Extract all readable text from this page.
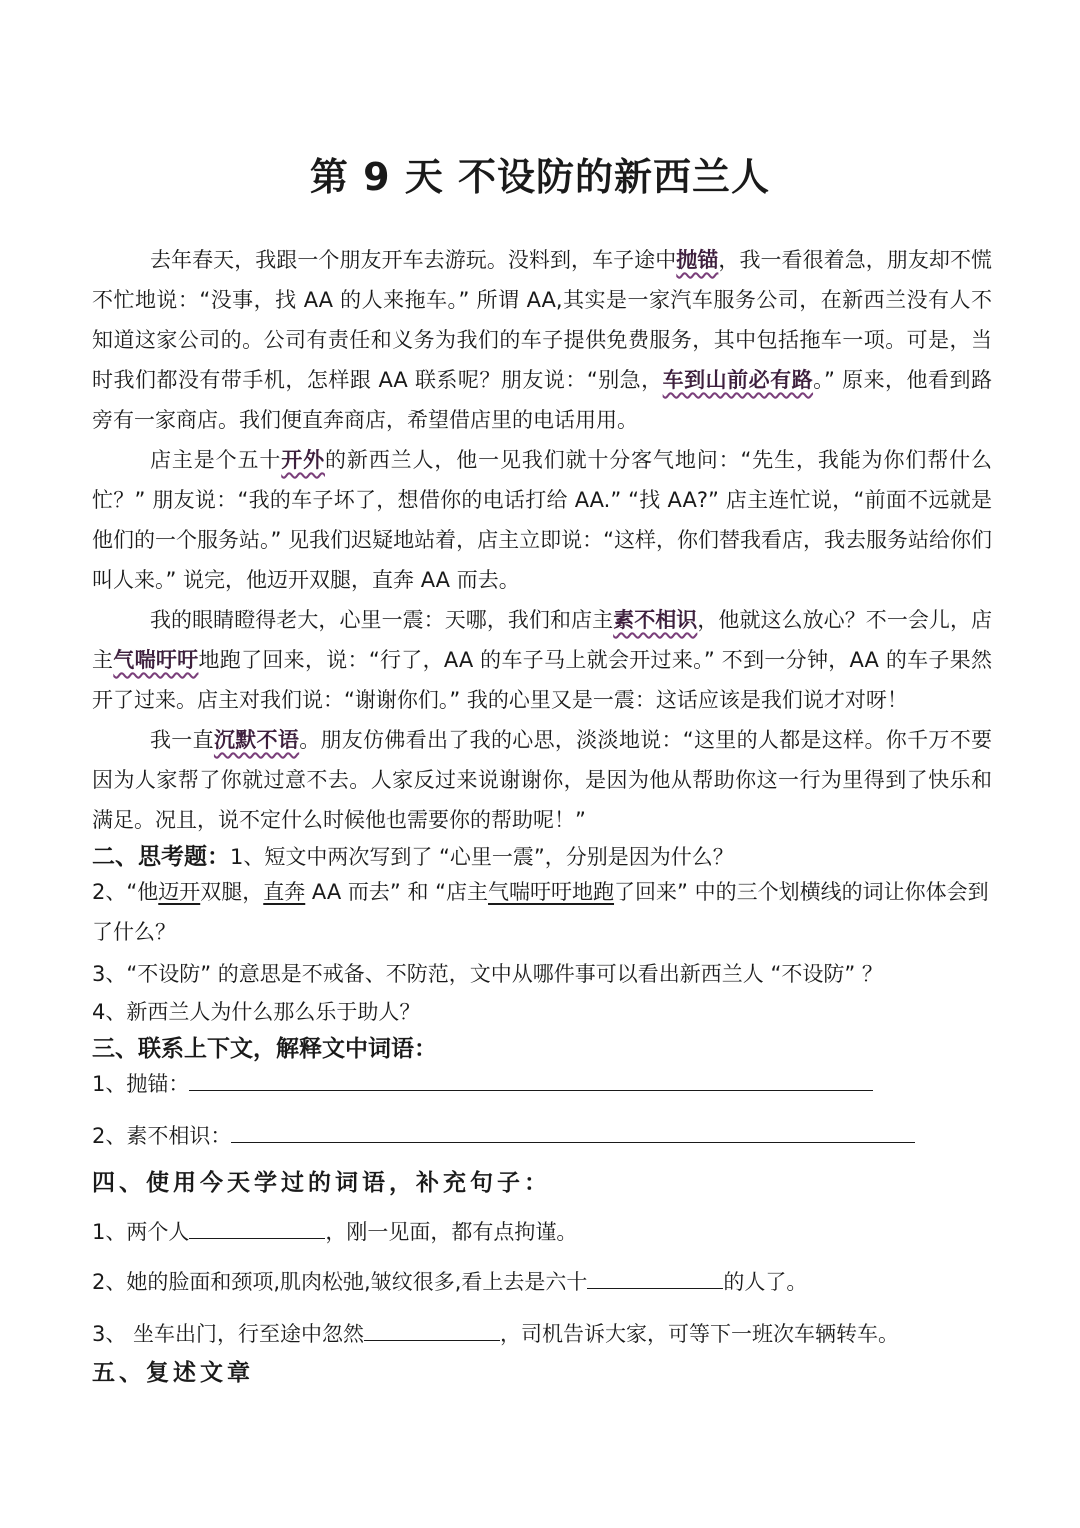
第 9 天 不设防的新西兰人

去年春天，我跟一个朋友开车去游玩。没料到，车子途中抛锚，我一看很着急，朋友却不慌不忙地说：“没事，找 AA 的人来拖车。” 所谓 AA,其实是一家汽车服务公司，在新西兰没有人不知道这家公司的。公司有责任和义务为我们的车子提供免费服务，其中包括拖车一项。可是，当时我们都没有带手机，怎样跟 AA 联系呢？朋友说：“别急，车到山前必有路。” 原来，他看到路旁有一家商店。我们便直奔商店，希望借店里的电话用用。

店主是个五十开外的新西兰人，他一见我们就十分客气地问：“先生，我能为你们帮什么忙？” 朋友说：“我的车子坏了，想借你的电话打给 AA.” “找 AA?” 店主连忙说，“前面不远就是他们的一个服务站。” 见我们迟疑地站着，店主立即说：“这样，你们替我看店，我去服务站给你们叫人来。” 说完，他迈开双腿，直奔 AA 而去。

我的眼睛瞪得老大，心里一震：天哪，我们和店主素不相识，他就这么放心？不一会儿，店主气喘吁吁地跑了回来，说：“行了，AA 的车子马上就会开过来。” 不到一分钟，AA 的车子果然开了过来。店主对我们说：“谢谢你们。” 我的心里又是一震：这话应该是我们说才对呀！

我一直沉默不语。朋友仿佛看出了我的心思，淡淡地说：“这里的人都是这样。你千万不要因为人家帮了你就过意不去。人家反过来说谢谢你，是因为他从帮助你这一行为里得到了快乐和满足。况且，说不定什么时候他也需要你的帮助呢！”

二、思考题：1、短文中两次写到了 “心里一震”，分别是因为什么？
2、“他迈开双腿，直奔 AA 而去” 和 “店主气喘吁吁地跑了回来” 中的三个划横线的词让你体会到了什么？
3、“不设防” 的意思是不戒备、不防范，文中从哪件事可以看出新西兰人 “不设防” ？
4、新西兰人为什么那么乐于助人？
三、联系上下文，解释文中词语：
1、抛锚：
2、素不相识：
四、使用今天学过的词语，补充句子：
1、两个人	，刚一见面，都有点拘谨。
2、她的脸面和颈项,肌肉松弛,皱纹很多,看上去是六十	的人了。
3、 坐车出门，行至途中忽然	，司机告诉大家，可等下一班次车辆转车。
五、复述文章
